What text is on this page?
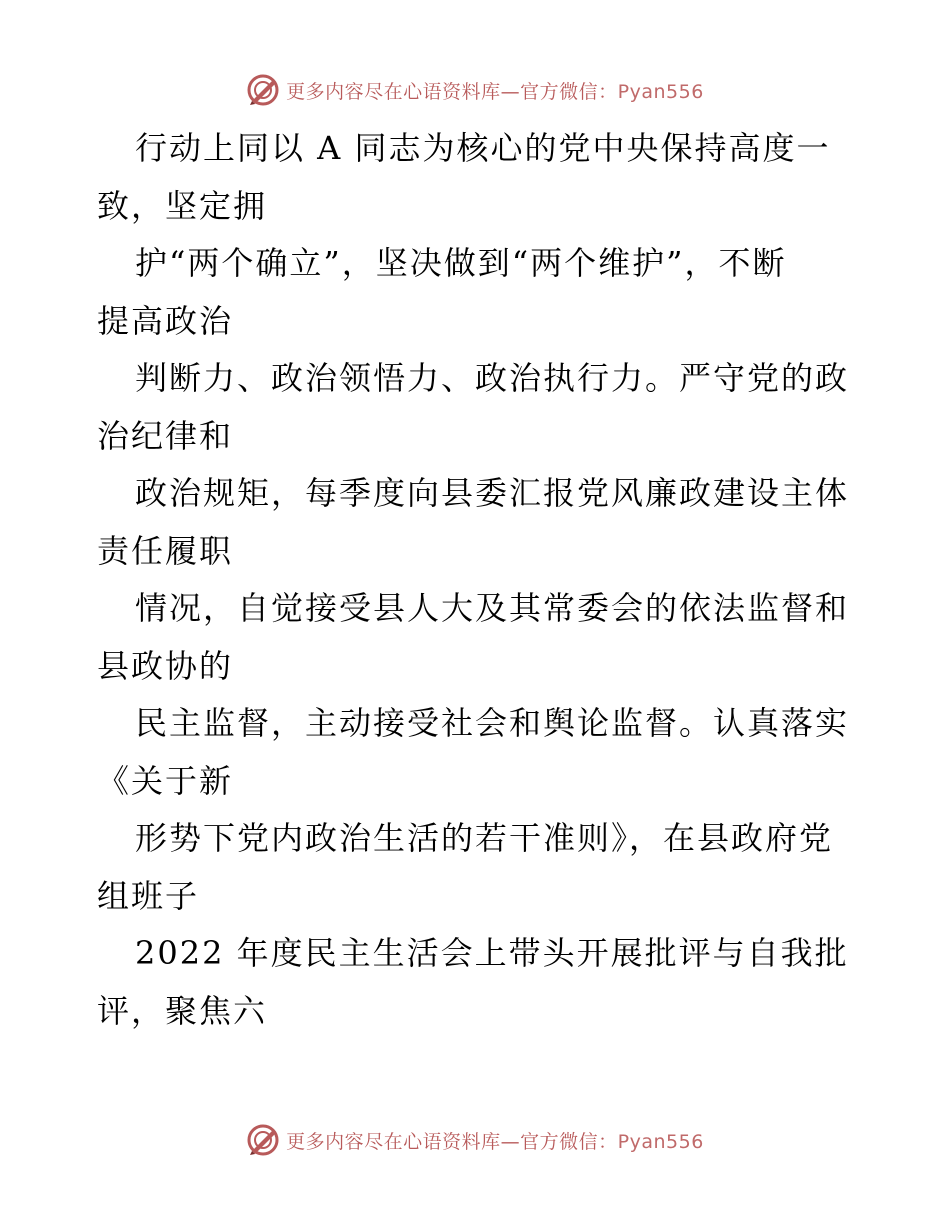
更多内容尽在心语资料库—官方微信：Pyan556
行动上同以 A 同志为核心的党中央保持高度一
致，坚定拥
护“两个确立”，坚决做到“两个维护”，不断
提高政治
判断力、政治领悟力、政治执行力。严守党的政
治纪律和
政治规矩，每季度向县委汇报党风廉政建设主体
责任履职
情况，自觉接受县人大及其常委会的依法监督和
县政协的
民主监督，主动接受社会和舆论监督。认真落实
《关于新
形势下党内政治生活的若干准则》，在县政府党
组班子
2022 年度民主生活会上带头开展批评与自我批
评，聚焦六
更多内容尽在心语资料库—官方微信：Pyan556
